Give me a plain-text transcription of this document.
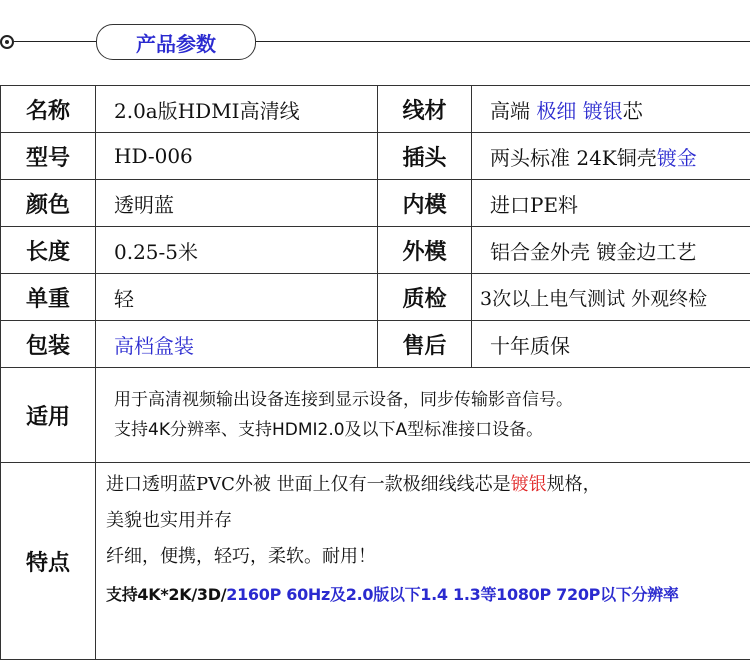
产品参数
名称	2.0a版HDMI高清线	线材	高端 极细 镀银芯
型号	HD-006	插头	两头标准 24K铜壳镀金
颜色	透明蓝	内模	进口PE料
长度	0.25-5米	外模	铝合金外壳 镀金边工艺
单重	轻	质检	3次以上电气测试 外观终检
包装	高档盒装	售后	十年质保
适用	用于高清视频输出设备连接到显示设备，同步传输影音信号。
支持4K分辨率、支持HDMI2.0及以下A型标准接口设备。		

特点	进口透明蓝PVC外被 世面上仅有一款极细线线芯是镀银规格，

美貌也实用并存

纤细，便携，轻巧，柔软。耐用！

支持4K*2K/3D/2160P 60Hz及2.0版以下1.4 1.3等1080P 720P以下分辨率		
